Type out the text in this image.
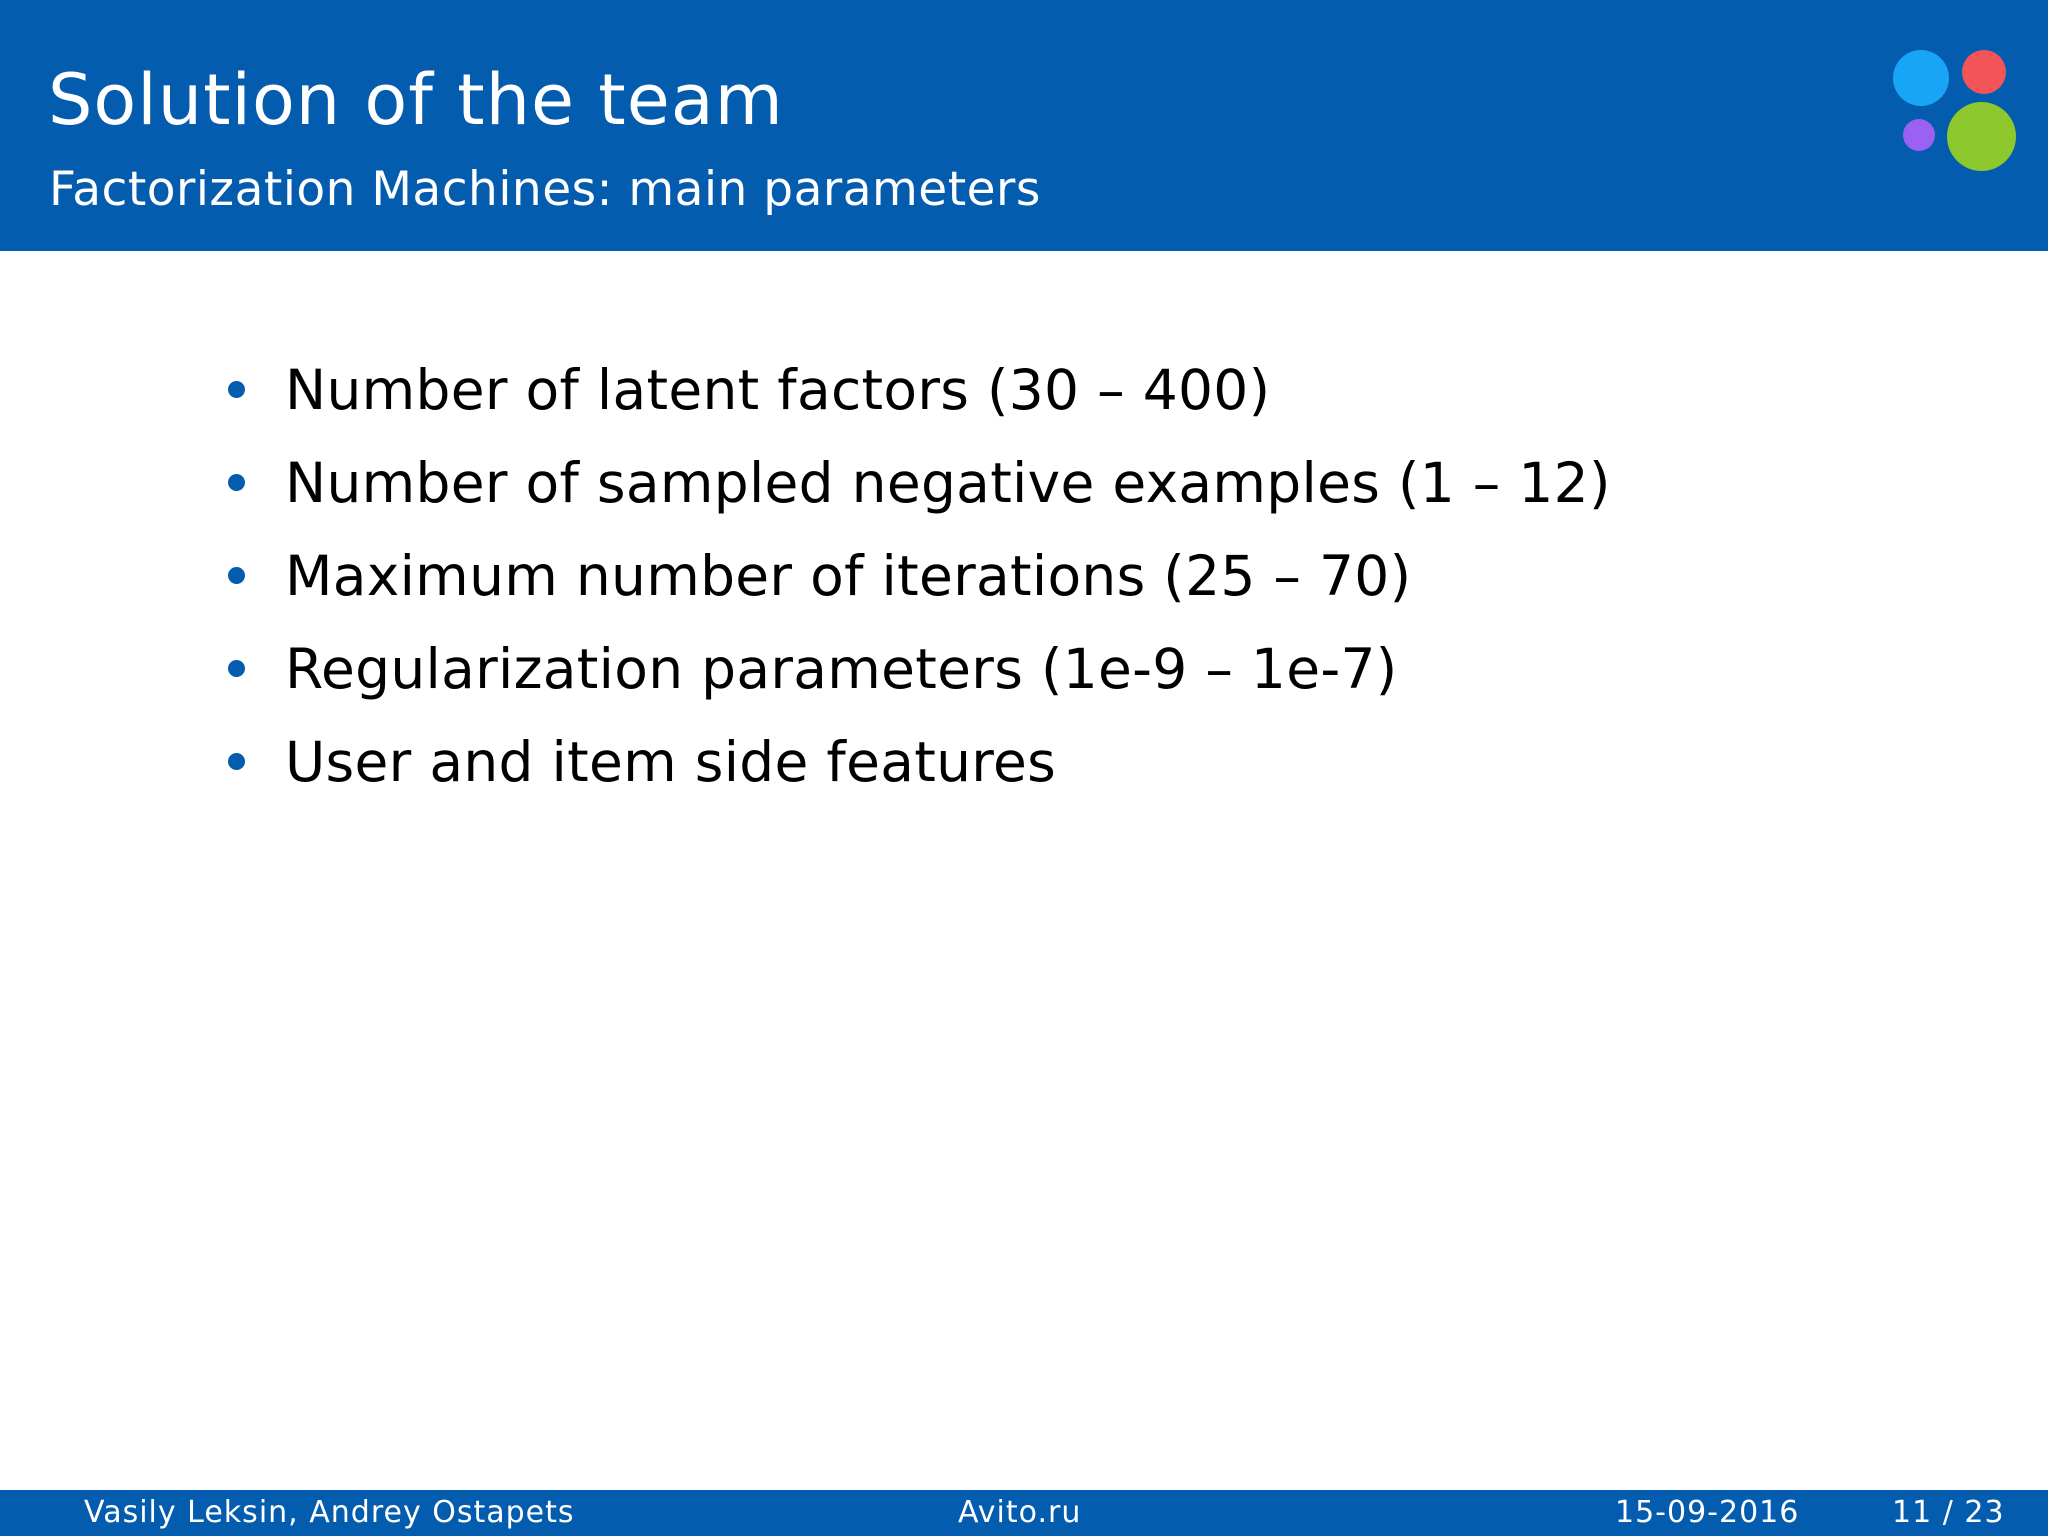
Solution of the team
Factorization Machines: main parameters
Number of latent factors (30 – 400)
Number of sampled negative examples (1 – 12)
Maximum number of iterations (25 – 70)
Regularization parameters (1e-9 – 1e-7)
User and item side features
Vasily Leksin, Andrey Ostapets	Avito.ru	15-09-2016	11 / 23
